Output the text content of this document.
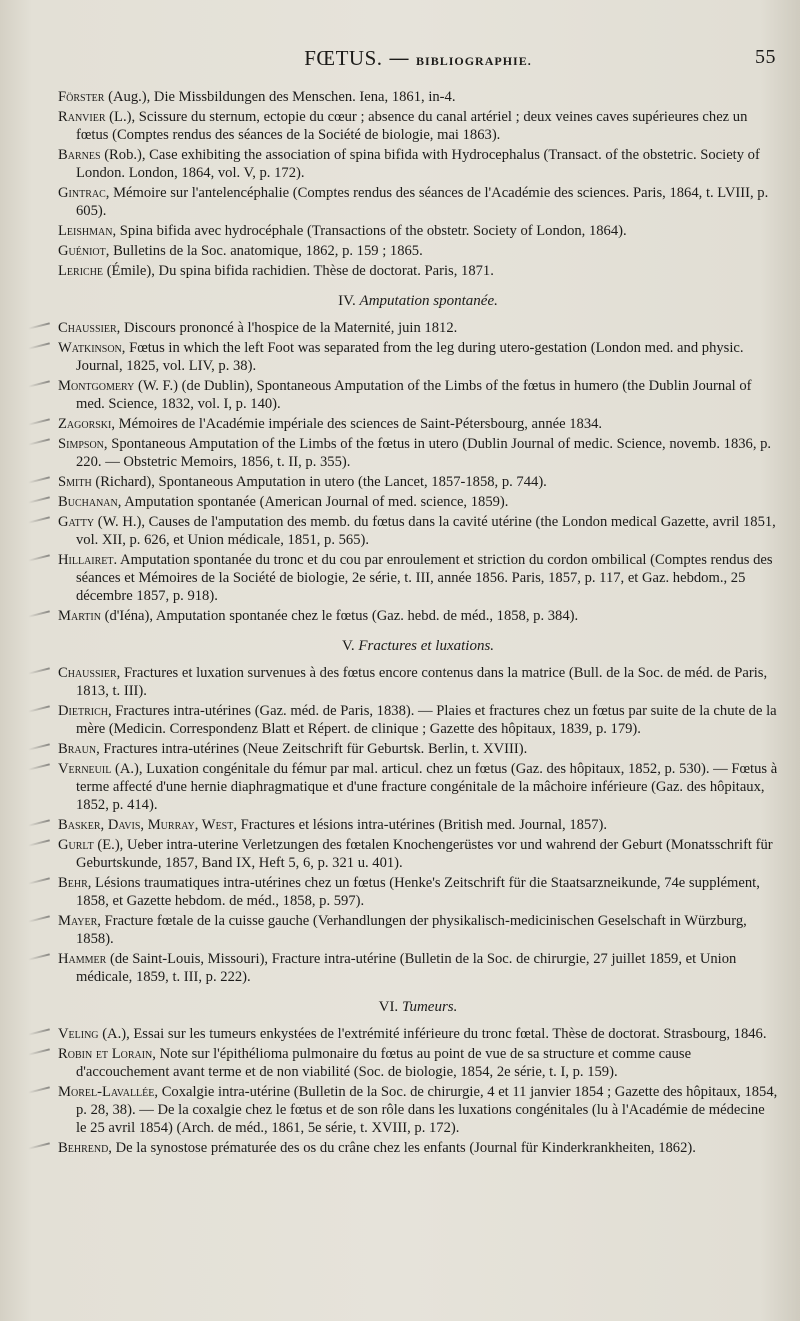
FŒTUS. — BIBLIOGRAPHIE.	55
Förster (Aug.), Die Missbildungen des Menschen. Iena, 1861, in-4.
Ranvier (L.), Scissure du sternum, ectopie du cœur ; absence du canal artériel ; deux veines caves supérieures chez un fœtus (Comptes rendus des séances de la Société de biologie, mai 1863).
Barnes (Rob.), Case exhibiting the association of spina bifida with Hydrocephalus (Transact. of the obstetric. Society of London. London, 1864, vol. V, p. 172).
Gintrac, Mémoire sur l'antelencéphalie (Comptes rendus des séances de l'Académie des sciences. Paris, 1864, t. LVIII, p. 605).
Leishman, Spina bifida avec hydrocéphale (Transactions of the obstetr. Society of London, 1864).
Guéniot, Bulletins de la Soc. anatomique, 1862, p. 159 ; 1865.
Leriche (Émile), Du spina bifida rachidien. Thèse de doctorat. Paris, 1871.
IV. Amputation spontanée.
Chaussier, Discours prononcé à l'hospice de la Maternité, juin 1812.
Watkinson, Fœtus in which the left Foot was separated from the leg during utero-gestation (London med. and physic. Journal, 1825, vol. LIV, p. 38).
Montgomery (W. F.) (de Dublin), Spontaneous Amputation of the Limbs of the fœtus in humero (the Dublin Journal of med. Science, 1832, vol. I, p. 140).
Zagorski, Mémoires de l'Académie impériale des sciences de Saint-Pétersbourg, année 1834.
Simpson, Spontaneous Amputation of the Limbs of the fœtus in utero (Dublin Journal of medic. Science, novemb. 1836, p. 220. — Obstetric Memoirs, 1856, t. II, p. 355).
Smith (Richard), Spontaneous Amputation in utero (the Lancet, 1857-1858, p. 744).
Buchanan, Amputation spontanée (American Journal of med. science, 1859).
Gatty (W. H.), Causes de l'amputation des memb. du fœtus dans la cavité utérine (the London medical Gazette, avril 1851, vol. XII, p. 626, et Union médicale, 1851, p. 565).
Hillairet. Amputation spontanée du tronc et du cou par enroulement et striction du cordon ombilical (Comptes rendus des séances et Mémoires de la Société de biologie, 2e série, t. III, année 1856. Paris, 1857, p. 117, et Gaz. hebdom., 25 décembre 1857, p. 918).
Martin (d'Iéna), Amputation spontanée chez le fœtus (Gaz. hebd. de méd., 1858, p. 384).
V. Fractures et luxations.
Chaussier, Fractures et luxation survenues à des fœtus encore contenus dans la matrice (Bull. de la Soc. de méd. de Paris, 1813, t. III).
Dietrich, Fractures intra-utérines (Gaz. méd. de Paris, 1838). — Plaies et fractures chez un fœtus par suite de la chute de la mère (Medicin. Correspondenz Blatt et Répert. de clinique ; Gazette des hôpitaux, 1839, p. 179).
Braun, Fractures intra-utérines (Neue Zeitschrift für Geburtsk. Berlin, t. XVIII).
Verneuil (A.), Luxation congénitale du fémur par mal. articul. chez un fœtus (Gaz. des hôpitaux, 1852, p. 530). — Fœtus à terme affecté d'une hernie diaphragmatique et d'une fracture congénitale de la mâchoire inférieure (Gaz. des hôpitaux, 1852, p. 414).
Basker, Davis, Murray, West, Fractures et lésions intra-utérines (British med. Journal, 1857).
Gurlt (E.), Ueber intra-uterine Verletzungen des fœtalen Knochengerüstes vor und wahrend der Geburt (Monatsschrift für Geburtskunde, 1857, Band IX, Heft 5, 6, p. 321 u. 401).
Behr, Lésions traumatiques intra-utérines chez un fœtus (Henke's Zeitschrift für die Staatsarzneikunde, 74e supplément, 1858, et Gazette hebdom. de méd., 1858, p. 597).
Mayer, Fracture fœtale de la cuisse gauche (Verhandlungen der physikalisch-medicinischen Geselschaft in Würzburg, 1858).
Hammer (de Saint-Louis, Missouri), Fracture intra-utérine (Bulletin de la Soc. de chirurgie, 27 juillet 1859, et Union médicale, 1859, t. III, p. 222).
VI. Tumeurs.
Veling (A.), Essai sur les tumeurs enkystées de l'extrémité inférieure du tronc fœtal. Thèse de doctorat. Strasbourg, 1846.
Robin et Lorain, Note sur l'épithélioma pulmonaire du fœtus au point de vue de sa structure et comme cause d'accouchement avant terme et de non viabilité (Soc. de biologie, 1854, 2e série, t. I, p. 159).
Morel-Lavallée, Coxalgie intra-utérine (Bulletin de la Soc. de chirurgie, 4 et 11 janvier 1854 ; Gazette des hôpitaux, 1854, p. 28, 38). — De la coxalgie chez le fœtus et de son rôle dans les luxations congénitales (lu à l'Académie de médecine le 25 avril 1854) (Arch. de méd., 1861, 5e série, t. XVIII, p. 172).
Behrend, De la synostose prématurée des os du crâne chez les enfants (Journal für Kinderkrankheiten, 1862).
